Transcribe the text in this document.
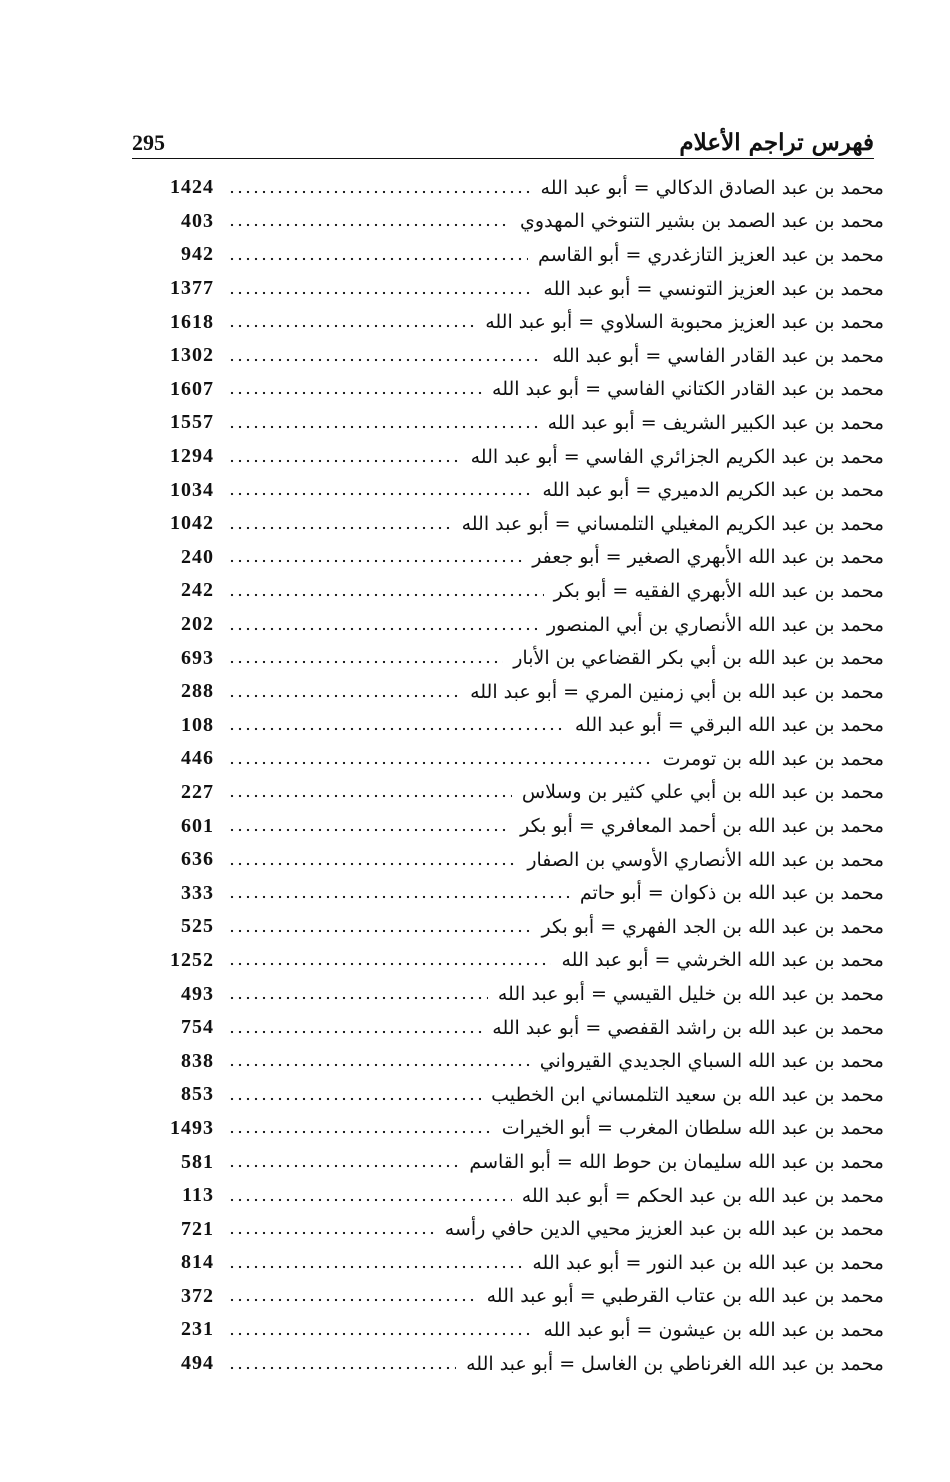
فهرس تراجم الأعلام
295
محمد بن عبد الصادق الدكالي = أبو عبد الله
1424
محمد بن عبد الصمد بن بشير التنوخي المهدوي
403
محمد بن عبد العزيز التازغدري = أبو القاسم
942
محمد بن عبد العزيز التونسي = أبو عبد الله
1377
محمد بن عبد العزيز محبوبة السلاوي = أبو عبد الله
1618
محمد بن عبد القادر الفاسي = أبو عبد الله
1302
محمد بن عبد القادر الكتاني الفاسي = أبو عبد الله
1607
محمد بن عبد الكبير الشريف = أبو عبد الله
1557
محمد بن عبد الكريم الجزائري الفاسي = أبو عبد الله
1294
محمد بن عبد الكريم الدميري = أبو عبد الله
1034
محمد بن عبد الكريم المغيلي التلمساني = أبو عبد الله
1042
محمد بن عبد الله الأبهري الصغير = أبو جعفر
240
محمد بن عبد الله الأبهري الفقيه = أبو بكر
242
محمد بن عبد الله الأنصاري بن أبي المنصور
202
محمد بن عبد الله بن أبي بكر القضاعي بن الأبار
693
محمد بن عبد الله بن أبي زمنين المري = أبو عبد الله
288
محمد بن عبد الله البرقي = أبو عبد الله
108
محمد بن عبد الله بن تومرت
446
محمد بن عبد الله بن أبي علي كثير بن وسلاس
227
محمد بن عبد الله بن أحمد المعافري = أبو بكر
601
محمد بن عبد الله الأنصاري الأوسي بن الصفار
636
محمد بن عبد الله بن ذكوان = أبو حاتم
333
محمد بن عبد الله بن الجد الفهري = أبو بكر
525
محمد بن عبد الله الخرشي = أبو عبد الله
1252
محمد بن عبد الله بن خليل القيسي = أبو عبد الله
493
محمد بن عبد الله بن راشد القفصي = أبو عبد الله
754
محمد بن عبد الله السباي الجديدي القيرواني
838
محمد بن عبد الله بن سعيد التلمساني ابن الخطيب
853
محمد بن عبد الله سلطان المغرب = أبو الخيرات
1493
محمد بن عبد الله سليمان بن حوط الله = أبو القاسم
581
محمد بن عبد الله بن عبد الحكم = أبو عبد الله
113
محمد بن عبد الله بن عبد العزيز محيي الدين حافي رأسه
721
محمد بن عبد الله بن عبد النور = أبو عبد الله
814
محمد بن عبد الله بن عتاب القرطبي = أبو عبد الله
372
محمد بن عبد الله بن عيشون = أبو عبد الله
231
محمد بن عبد الله الغرناطي بن الغاسل = أبو عبد الله
494
